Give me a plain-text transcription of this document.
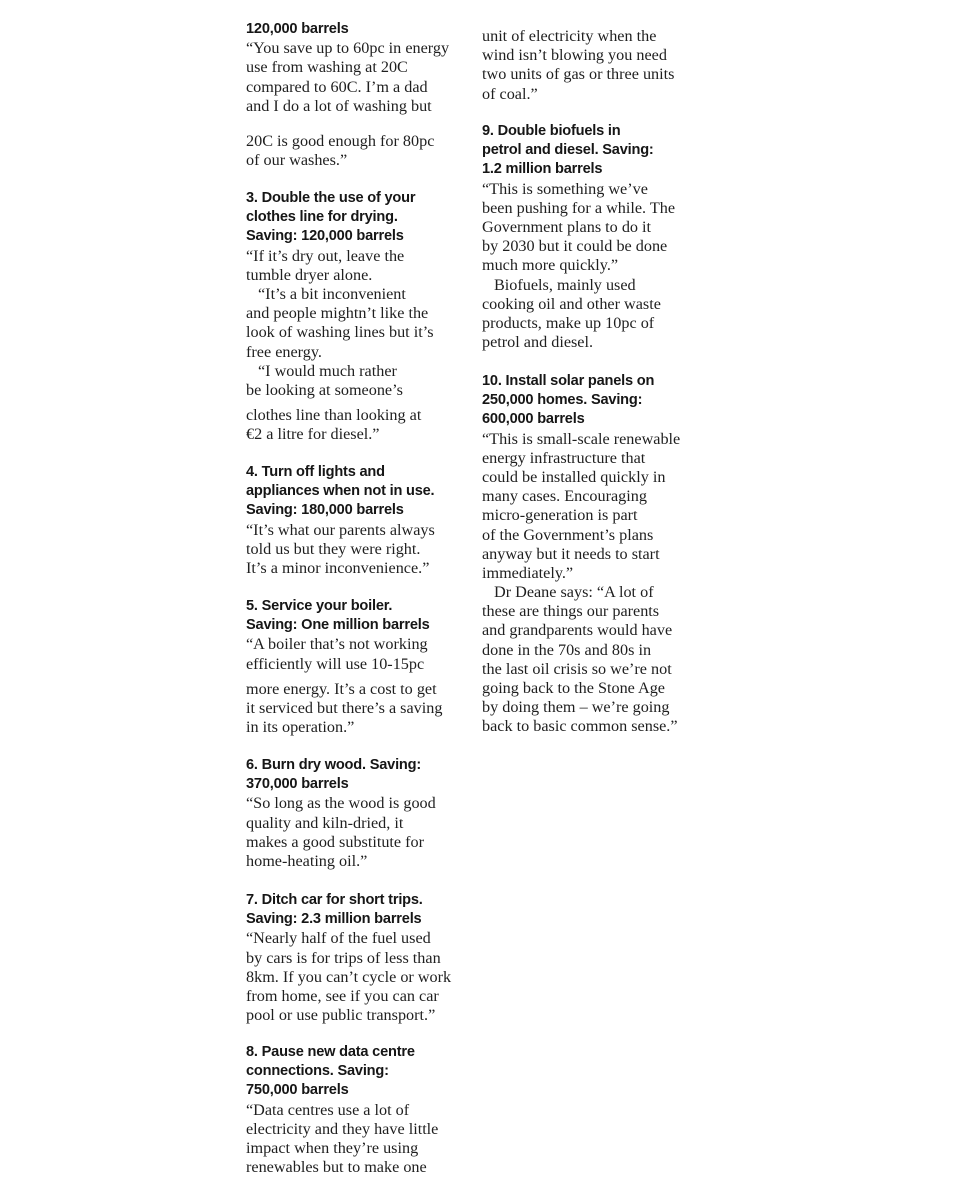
120,000 barrels
“You save up to 60pc in energy
use from washing at 20C
compared to 60C. I’m a dad
and I do a lot of washing but
20C is good enough for 80pc
of our washes.”
3. Double the use of your
clothes line for drying.
Saving: 120,000 barrels
“If it’s dry out, leave the
tumble dryer alone.
“It’s a bit inconvenient
and people mightn’t like the
look of washing lines but it’s
free energy.
“I would much rather
be looking at someone’s
clothes line than looking at
€2 a litre for diesel.”
4. Turn off lights and
appliances when not in use.
Saving: 180,000 barrels
“It’s what our parents always
told us but they were right.
It’s a minor inconvenience.”
5. Service your boiler.
Saving: One million barrels
“A boiler that’s not working
efficiently will use 10-15pc
more energy. It’s a cost to get
it serviced but there’s a saving
in its operation.”
6. Burn dry wood. Saving:
370,000 barrels
“So long as the wood is good
quality and kiln-dried, it
makes a good substitute for
home-heating oil.”
7. Ditch car for short trips.
Saving: 2.3 million barrels
“Nearly half of the fuel used
by cars is for trips of less than
8km. If you can’t cycle or work
from home, see if you can car
pool or use public transport.”
8. Pause new data centre
connections. Saving:
750,000 barrels
“Data centres use a lot of
electricity and they have little
impact when they’re using
renewables but to make one
unit of electricity when the
wind isn’t blowing you need
two units of gas or three units
of coal.”
9. Double biofuels in
petrol and diesel. Saving:
1.2 million barrels
“This is something we’ve
been pushing for a while. The
Government plans to do it
by 2030 but it could be done
much more quickly.”
Biofuels, mainly used
cooking oil and other waste
products, make up 10pc of
petrol and diesel.
10. Install solar panels on
250,000 homes. Saving:
600,000 barrels
“This is small-scale renewable
energy infrastructure that
could be installed quickly in
many cases. Encouraging
micro-generation is part
of the Government’s plans
anyway but it needs to start
immediately.”
Dr Deane says: “A lot of
these are things our parents
and grandparents would have
done in the 70s and 80s in
the last oil crisis so we’re not
going back to the Stone Age
by doing them – we’re going
back to basic common sense.”
